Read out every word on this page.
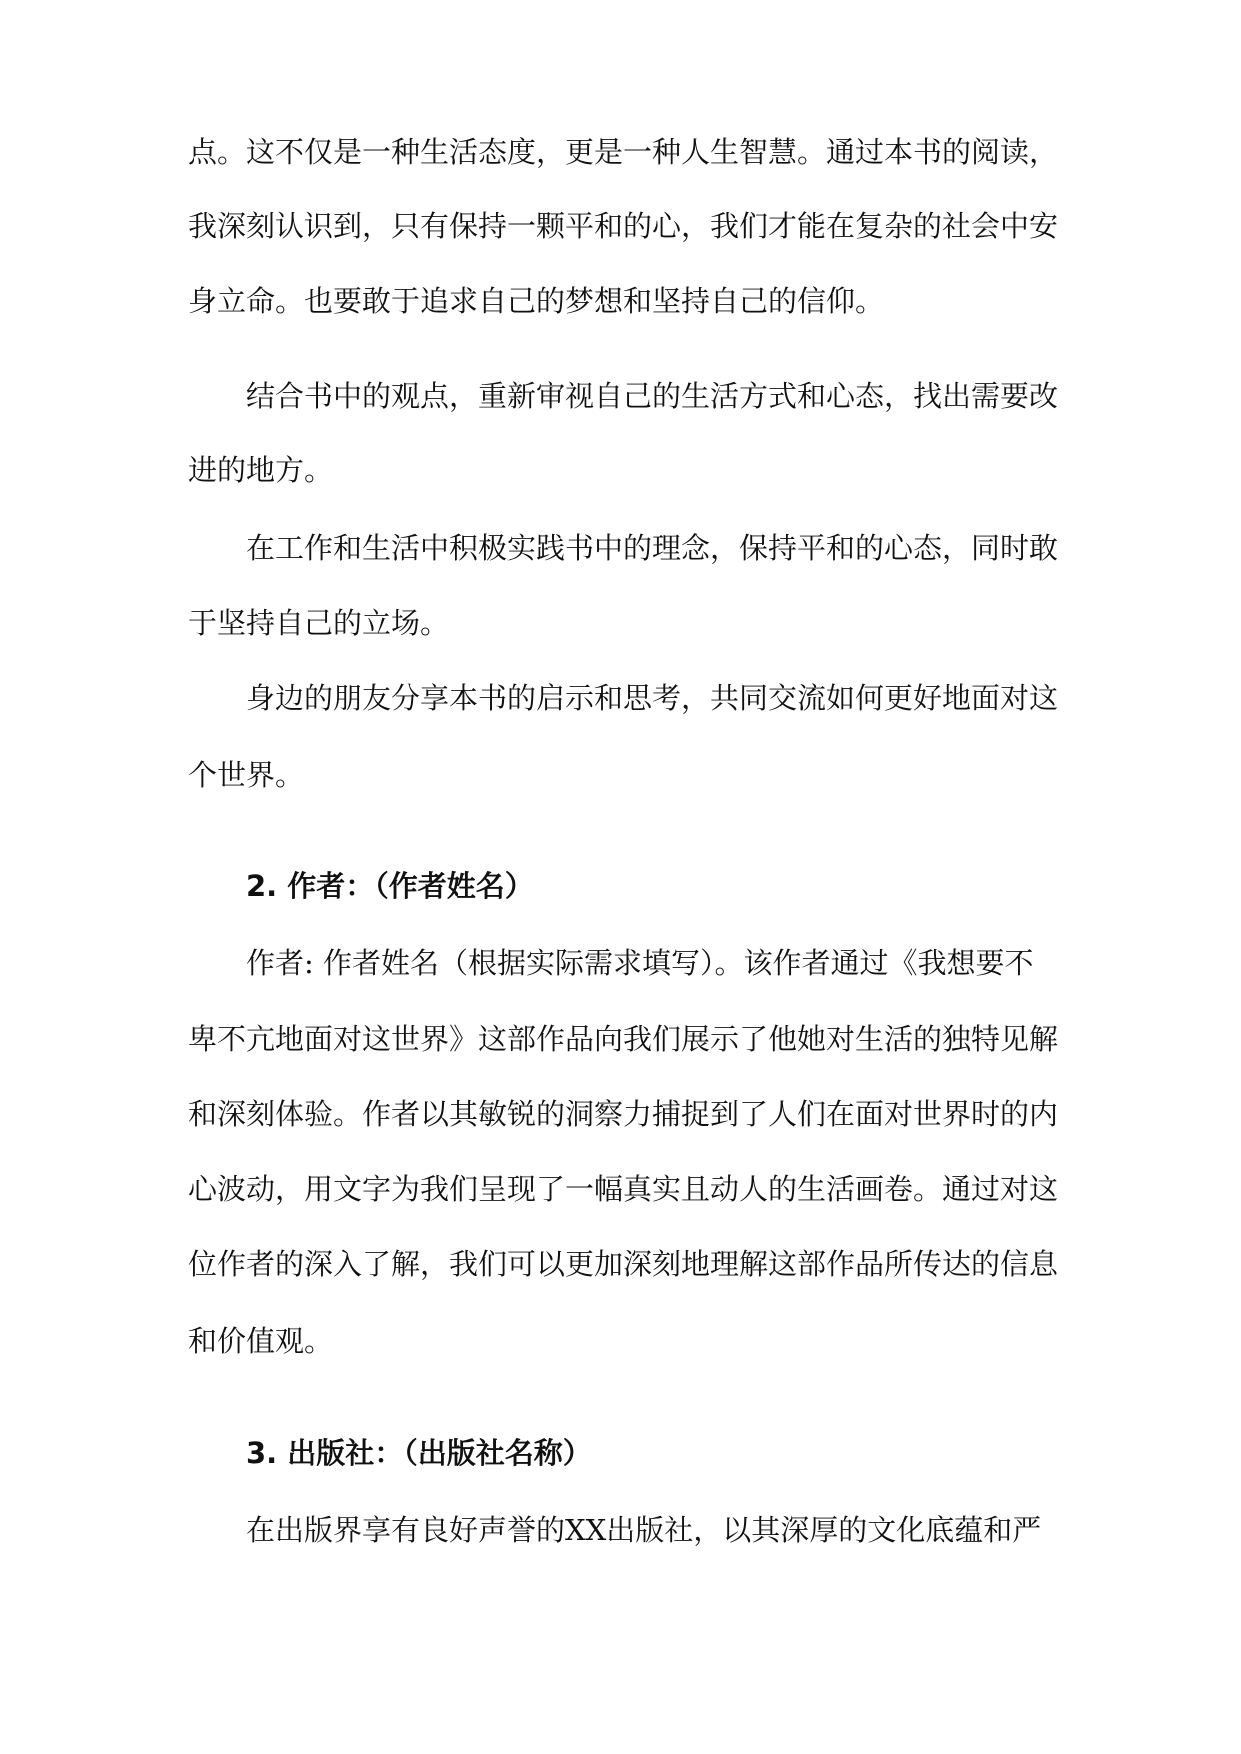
点。这不仅是一种生活态度，更是一种人生智慧。通过本书的阅读，

我深刻认识到，只有保持一颗平和的心，我们才能在复杂的社会中安

身立命。也要敢于追求自己的梦想和坚持自己的信仰。

结合书中的观点，重新审视自己的生活方式和心态，找出需要改

进的地方。

在工作和生活中积极实践书中的理念，保持平和的心态，同时敢

于坚持自己的立场。

身边的朋友分享本书的启示和思考，共同交流如何更好地面对这

个世界。

2. 作者：（作者姓名）

作者: 作者姓名（根据实际需求填写）。该作者通过《我想要不

卑不亢地面对这世界》这部作品向我们展示了他她对生活的独特见解

和深刻体验。作者以其敏锐的洞察力捕捉到了人们在面对世界时的内

心波动，用文字为我们呈现了一幅真实且动人的生活画卷。通过对这

位作者的深入了解，我们可以更加深刻地理解这部作品所传达的信息

和价值观。

3. 出版社：（出版社名称）

在出版界享有良好声誉的XX出版社，以其深厚的文化底蕴和严
